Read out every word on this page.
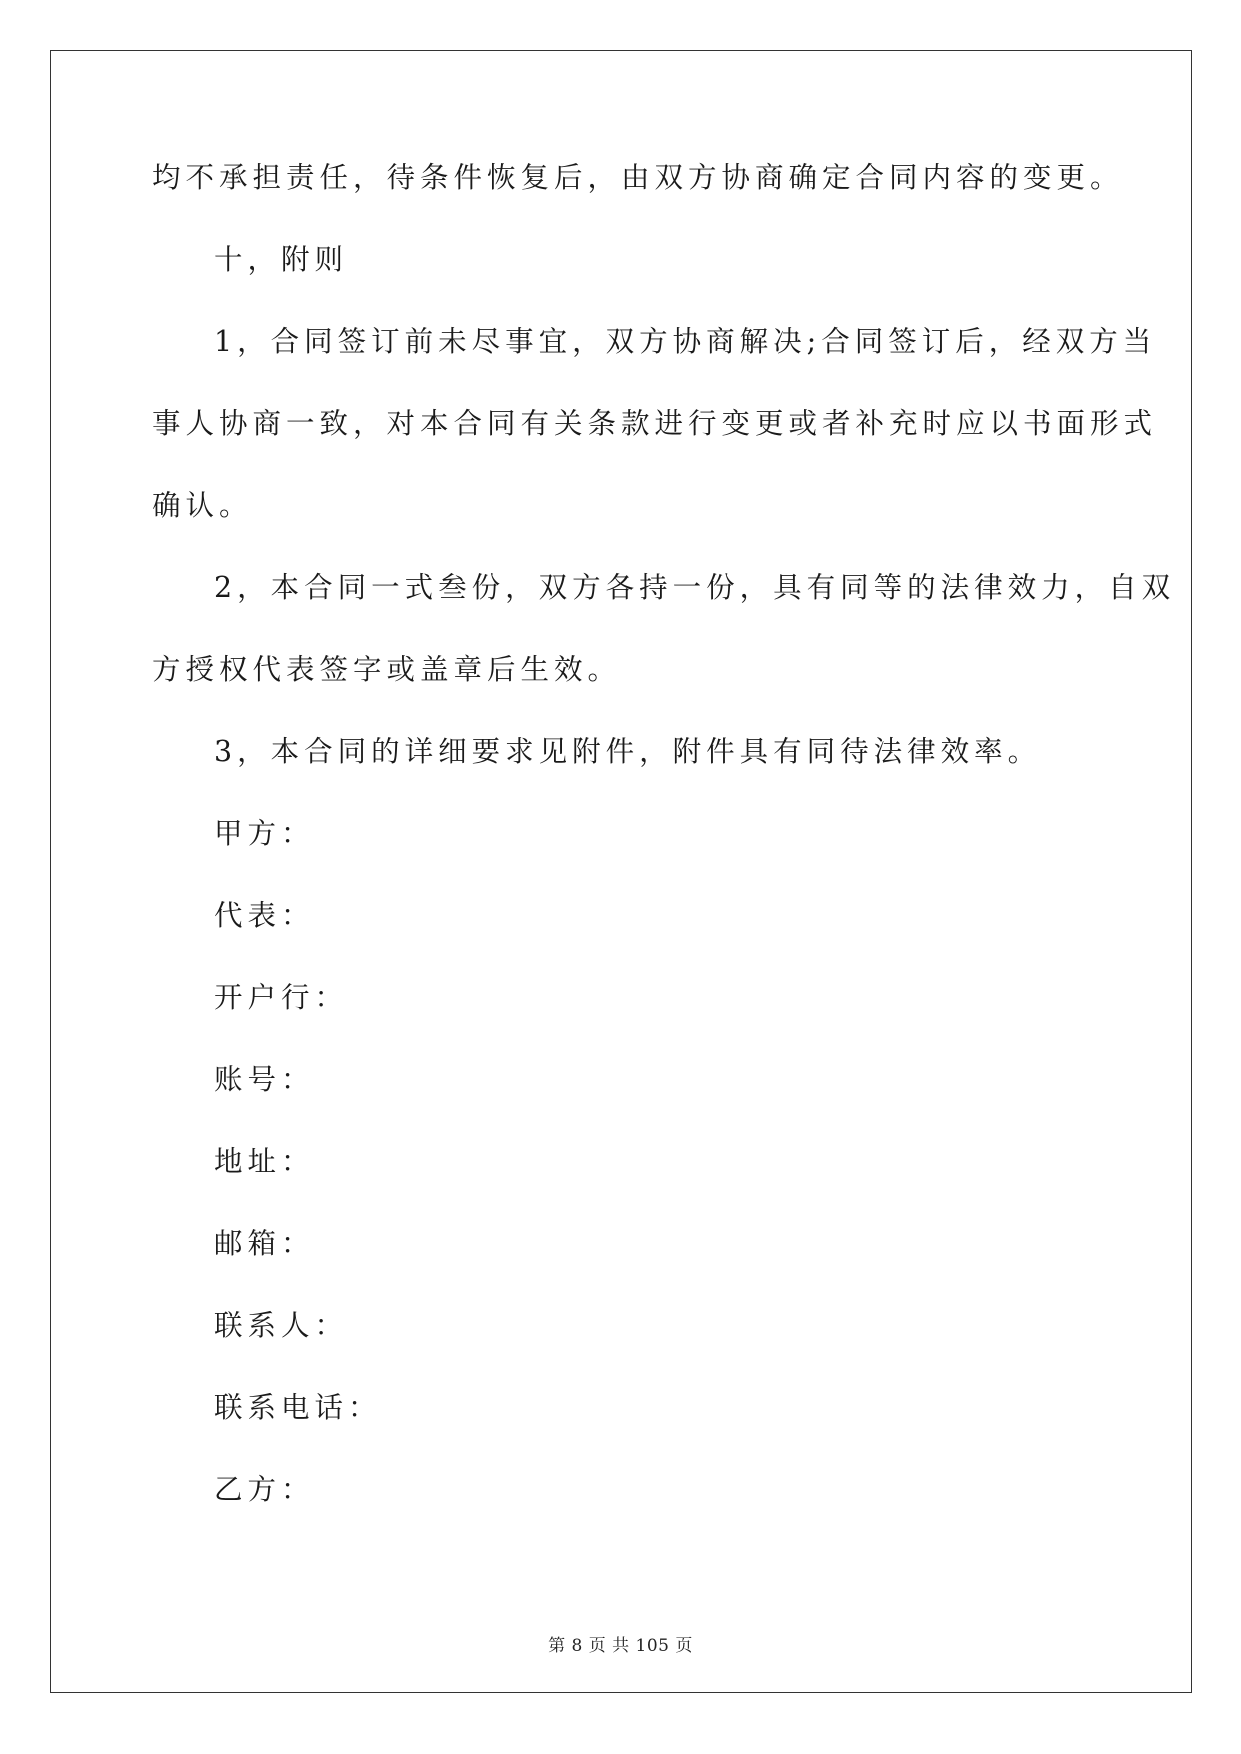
均不承担责任，待条件恢复后，由双方协商确定合同内容的变更。

十，附则

1，合同签订前未尽事宜，双方协商解决;合同签订后，经双方当

事人协商一致，对本合同有关条款进行变更或者补充时应以书面形式

确认。

2，本合同一式叁份，双方各持一份，具有同等的法律效力，自双

方授权代表签字或盖章后生效。

3，本合同的详细要求见附件，附件具有同待法律效率。

甲方：

代表：

开户行：

账号：

地址：

邮箱：

联系人：

联系电话：

乙方：

第 8 页 共 105 页
